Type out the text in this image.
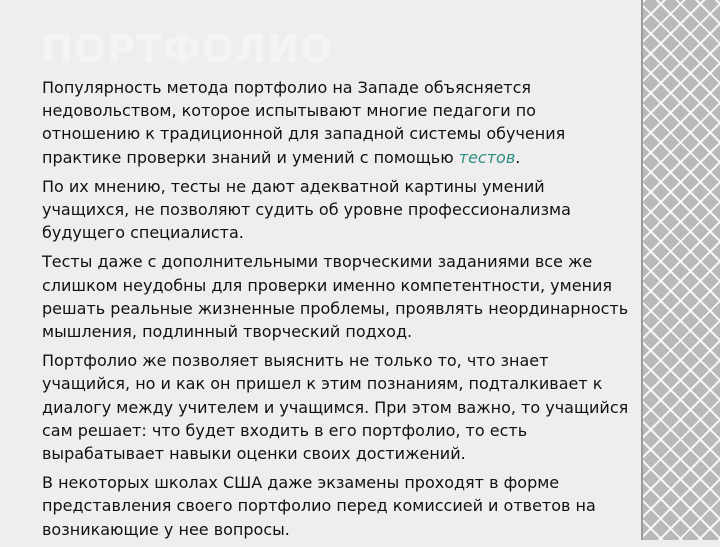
ПОРТФОЛИО

Популярность метода портфолио на Западе объясняется недовольством, которое испытывают многие педагоги по отношению к традиционной для западной системы обучения практике проверки знаний и умений с помощью тестов.

По их мнению, тесты не дают адекватной картины умений учащихся, не позволяют судить об уровне профессионализма будущего специалиста.

Тесты даже с дополнительными творческими заданиями все же слишком неудобны для проверки именно компетентности, умения решать реальные жизненные проблемы, проявлять неординарность мышления, подлинный творческий подход.

Портфолио же позволяет выяснить не только то, что знает учащийся, но и как он пришел к этим познаниям, подталкивает к диалогу между учителем и учащимся. При этом важно, то учащийся сам решает: что будет входить в его портфолио, то есть вырабатывает навыки оценки своих достижений.

В некоторых школах США даже экзамены проходят в форме представления своего портфолио перед комиссией и ответов на возникающие у нее вопросы.
